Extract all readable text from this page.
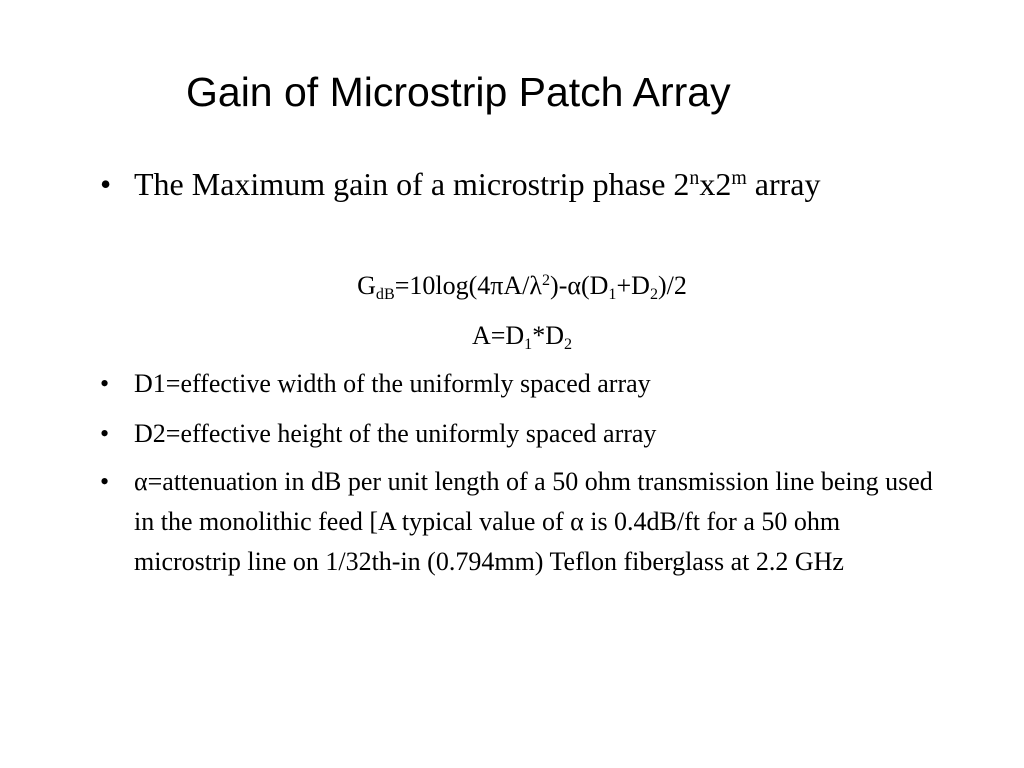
Gain of Microstrip Patch Array
• The Maximum gain of a microstrip phase 2$^n$x2$^m$ array
$G_{dB}=10\log(4\pi A/\lambda^2)-\alpha(D_1+D_2)/2$
$A=D_1*D_2$
• D1=effective width of the uniformly spaced array
• D2=effective height of the uniformly spaced array
• α=attenuation in dB per unit length of a 50 ohm transmission line being used in the monolithic feed [A typical value of α is 0.4dB/ft for a 50 ohm microstrip line on 1/32th-in (0.794mm) Teflon fiberglass at 2.2 GHz
